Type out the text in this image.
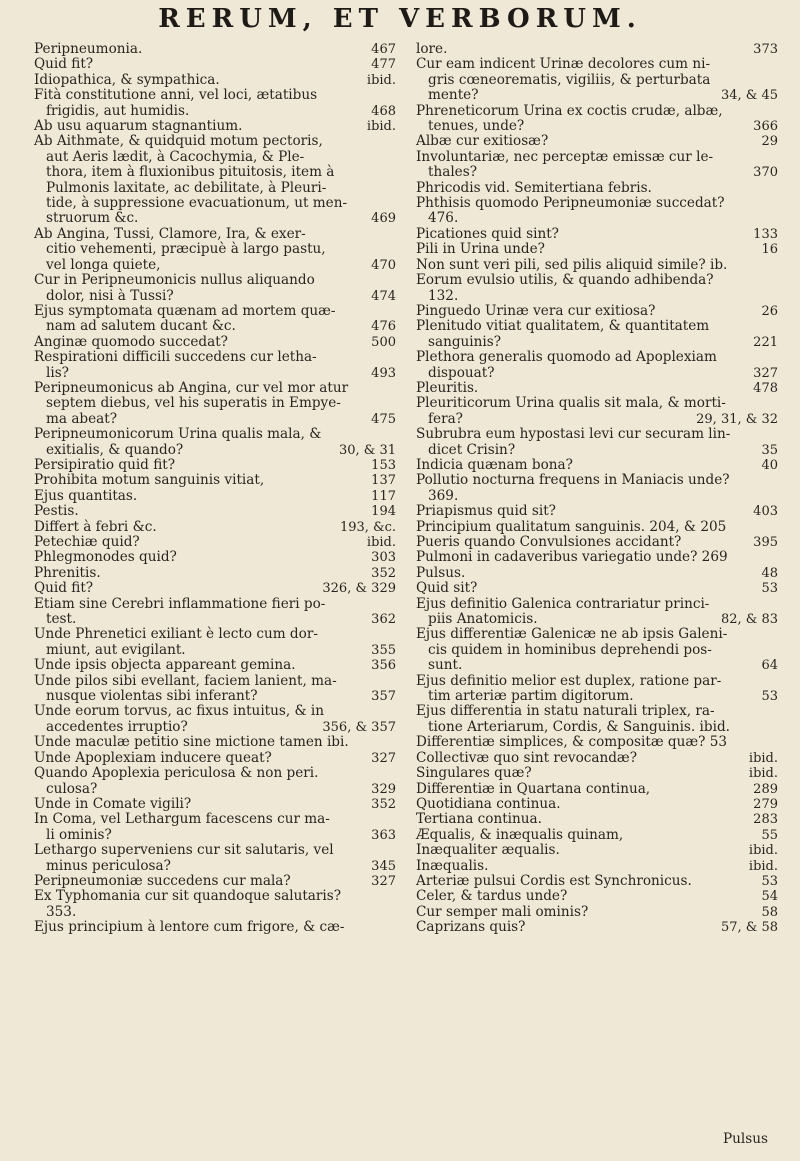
RERUM, ET VERBORUM.
Peripneumonia.	467
Quid fit?	477
Idiopathica, & sympathica.	ibid.
Fità constitutione anni, vel loci, ætatibus
frigidis, aut humidis.	468
Ab usu aquarum stagnantium.	ibid.
Ab Aithmate, & quidquid motum pectoris,
aut Aeris lædit, à Cacochymia, & Ple-
thora, item à fluxionibus pituitosis, item à
Pulmonis laxitate, ac debilitate, à Pleuri-
tide, à suppressione evacuationum, ut men-
struorum &c.	469
Ab Angina, Tussi, Clamore, Ira, & exer-
citio vehementi, præcipuè à largo pastu,
vel longa quiete,	470
Cur in Peripneumonicis nullus aliquando
dolor, nisi à Tussi?	474
Ejus symptomata quænam ad mortem quæ-
nam ad salutem ducant &c.	476
Anginæ quomodo succedat?	500
Respirationi difficili succedens cur letha-
lis?	493
Peripneumonicus ab Angina, cur vel mor atur
septem diebus, vel his superatis in Empye-
ma abeat?	475
Peripneumonicorum Urina qualis mala, &
exitialis, & quando?	30, & 31
Persipiratio quid fit?	153
Prohibita motum sanguinis vitiat,	137
Ejus quantitas.	117
Pestis.	194
Differt à febri &c.	193, &c.
Petechiæ quid?	ibid.
Phlegmonodes quid?	303
Phrenitis.	352
Quid fit?	326, & 329
Etiam sine Cerebri inflammatione fieri po-
test.	362
Unde Phrenetici exiliant è lecto cum dor-
miunt, aut evigilant.	355
Unde ipsis objecta appareant gemina.	356
Unde pilos sibi evellant, faciem lanient, ma-
nusque violentas sibi inferant?	357
Unde eorum torvus, ac fixus intuitus, & in
accedentes irruptio?	356, & 357
Unde maculæ petitio sine mictione tamen ibi.
Unde Apoplexiam inducere queat?	327
Quando Apoplexia periculosa & non peri.
culosa?	329
Unde in Comate vigili?	352
In Coma, vel Lethargum facescens cur ma-
li ominis?	363
Lethargo superveniens cur sit salutaris, vel
minus periculosa?	345
Peripneumoniæ succedens cur mala?	327
Ex Typhomania cur sit quandoque salutaris?
353.
Ejus principium à lentore cum frigore, & cæ-
lore.	373
Cur eam indicent Urinæ decolores cum ni-
gris cœneorematis, vigiliis, & perturbata
mente?	34, & 45
Phreneticorum Urina ex coctis crudæ, albæ,
tenues, unde?	366
Albæ cur exitiosæ?	29
Involuntariæ, nec perceptæ emissæ cur le-
thales?	370
Phricodis vid. Semitertiana febris.
Phthisis quomodo Peripneumoniæ succedat?
476.
Picationes quid sint?	133
Pili in Urina unde?	16
Non sunt veri pili, sed pilis aliquid simile? ib.
Eorum evulsio utilis, & quando adhibenda?
132.
Pinguedo Urinæ vera cur exitiosa?	26
Plenitudo vitiat qualitatem, & quantitatem
sanguinis?	221
Plethora generalis quomodo ad Apoplexiam
dispouat?	327
Pleuritis.	478
Pleuriticorum Urina qualis sit mala, & morti-
fera?	29, 31, & 32
Subrubra eum hypostasi levi cur securam lin-
dicet Crisin?	35
Indicia quænam bona?	40
Pollutio nocturna frequens in Maniacis unde?
369.
Priapismus quid sit?	403
Principium qualitatum sanguinis. 204, & 205
Pueris quando Convulsiones accidant?	395
Pulmoni in cadaveribus variegatio unde? 269
Pulsus.	48
Quid sit?	53
Ejus definitio Galenica contrariatur princi-
piis Anatomicis.	82, & 83
Ejus differentiæ Galenicæ ne ab ipsis Galeni-
cis quidem in hominibus deprehendi pos-
sunt.	64
Ejus definitio melior est duplex, ratione par-
tim arteriæ partim digitorum.	53
Ejus differentia in statu naturali triplex, ra-
tione Arteriarum, Cordis, & Sanguinis. ibid.
Differentiæ simplices, & compositæ quæ? 53
Collectivæ quo sint revocandæ?	ibid.
Singulares quæ?	ibid.
Differentiæ in Quartana continua,	289
Quotidiana continua.	279
Tertiana continua.	283
Æqualis, & inæqualis quinam,	55
Inæqualiter æqualis.	ibid.
Inæqualis.	ibid.
Arteriæ pulsui Cordis est Synchronicus.	53
Celer, & tardus unde?	54
Cur semper mali ominis?	58
Caprizans quis?	57, & 58
Pulsus
